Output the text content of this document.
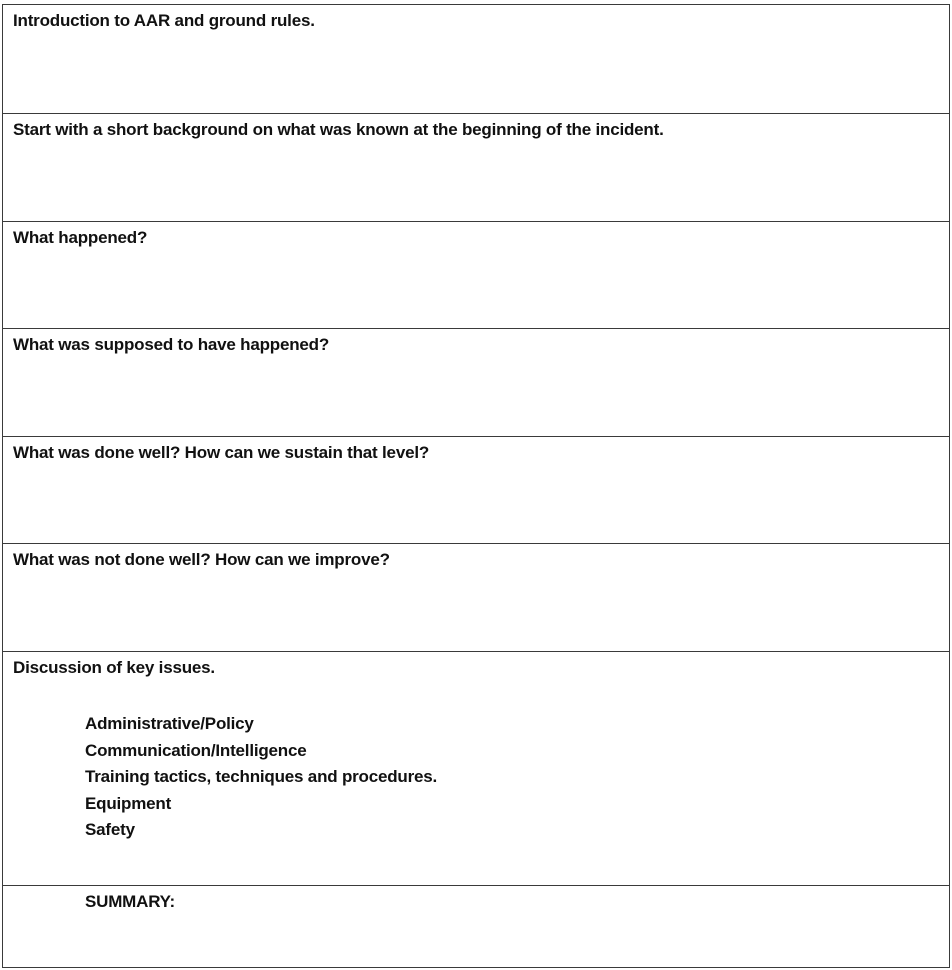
Introduction to AAR and ground rules.
Start with a short background on what was known at the beginning of the incident.
What happened?
What was supposed to have happened?
What was done well? How can we sustain that level?
What was not done well? How can we improve?
Discussion of key issues.
Administrative/Policy
Communication/Intelligence
Training tactics, techniques and procedures.
Equipment
Safety
SUMMARY:
